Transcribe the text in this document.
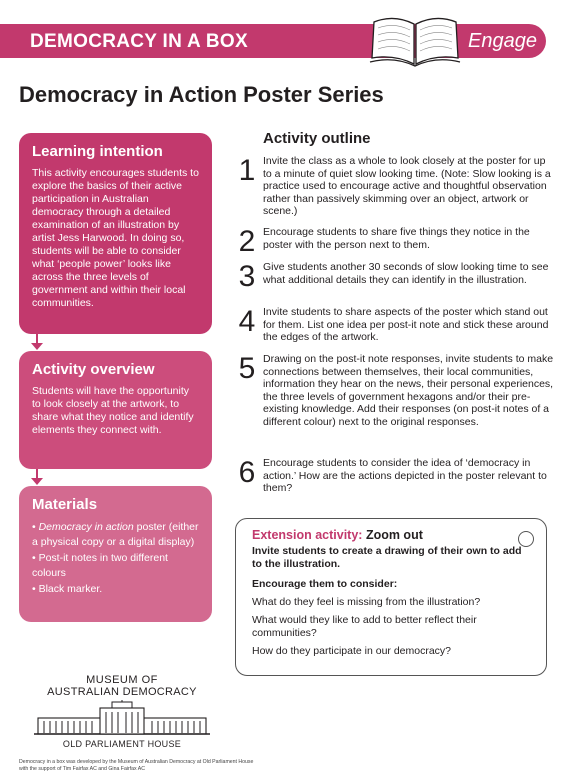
DEMOCRACY IN A BOX	Engage
Democracy in Action Poster Series
Learning intention
This activity encourages students to explore the basics of their active participation in Australian democracy through a detailed examination of an illustration by artist Jess Harwood. In doing so, students will be able to consider what ‘people power’ looks like across the three levels of government and within their local communities.
Activity overview
Students will have the opportunity to look closely at the artwork, to share what they notice and identify elements they connect with.
Materials
• Democracy in action poster (either a physical copy or a digital display)
• Post-it notes in two different colours
• Black marker.
Activity outline
1 Invite the class as a whole to look closely at the poster for up to a minute of quiet slow looking time. (Note: Slow looking is a practice used to encourage active and thoughtful observation rather than passively skimming over an object, artwork or scene.)
2 Encourage students to share five things they notice in the poster with the person next to them.
3 Give students another 30 seconds of slow looking time to see what additional details they can identify in the illustration.
4 Invite students to share aspects of the poster which stand out for them. List one idea per post-it note and stick these around the edges of the artwork.
5 Drawing on the post-it note responses, invite students to make connections between themselves, their local communities, information they hear on the news, their personal experiences, the three levels of government hexagons and/or their pre-existing knowledge. Add their responses (on post-it notes of a different colour) next to the original responses.
6 Encourage students to consider the idea of ‘democracy in action.’ How are the actions depicted in the poster relevant to them?
Extension activity: Zoom out
Invite students to create a drawing of their own to add to the illustration.
Encourage them to consider:
What do they feel is missing from the illustration?
What would they like to add to better reflect their communities?
How do they participate in our democracy?
MUSEUM OF
AUSTRALIAN DEMOCRACY
OLD PARLIAMENT HOUSE
Democracy in a box was developed by the Museum of Australian Democracy at Old Parliament House with the support of Tim Fairfax AC and Gina Fairfax AC
